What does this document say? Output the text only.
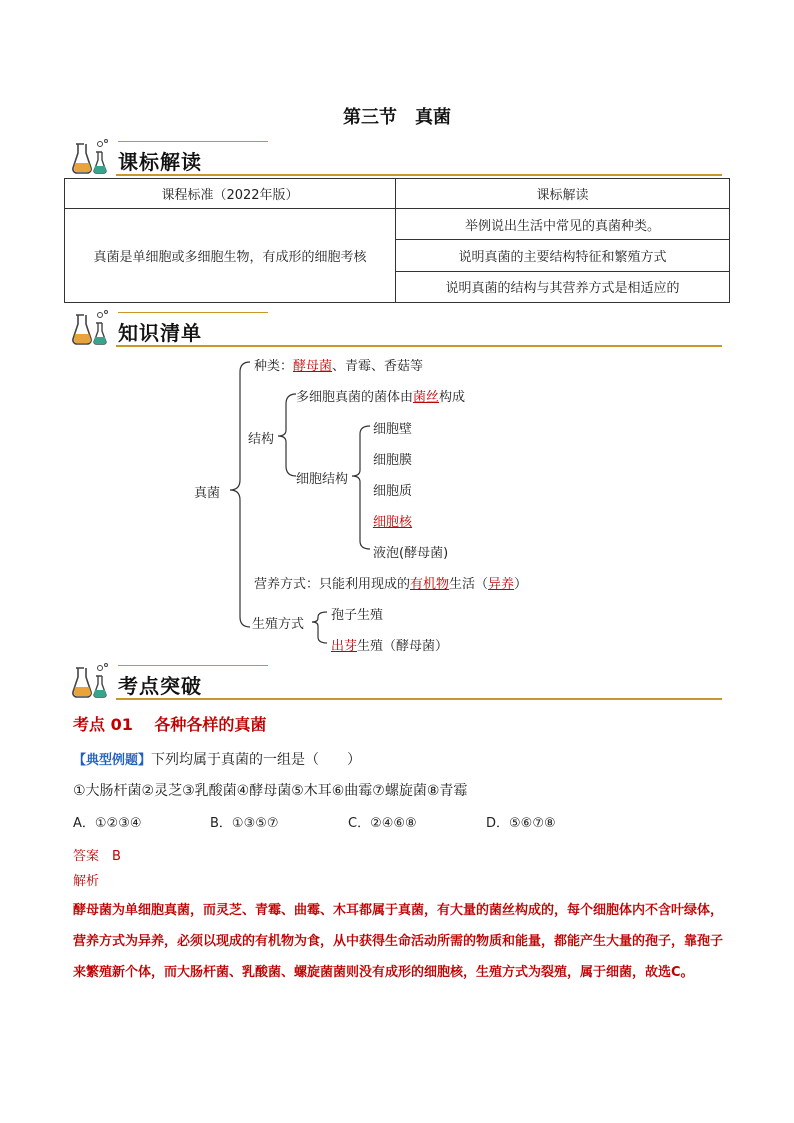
第三节　真菌
课标解读
课程标准（2022年版）	课标解读
真菌是单细胞或多细胞生物，有成形的细胞考核	举例说出生活中常见的真菌种类。
	说明真菌的主要结构特征和繁殖方式
	说明真菌的结构与其营养方式是相适应的
知识清单
真菌
种类：酵母菌、青霉、香菇等
结构
多细胞真菌的菌体由菌丝构成
细胞结构
细胞壁
细胞膜
细胞质
细胞核
液泡(酵母菌)
营养方式：只能利用现成的有机物生活（异养）
生殖方式
孢子生殖
出芽生殖（酵母菌）
考点突破
考点 01　 各种各样的真菌
【典型例题】下列均属于真菌的一组是（　　）
①大肠杆菌②灵芝③乳酸菌④酵母菌⑤木耳⑥曲霉⑦螺旋菌⑧青霉
A．①②③④	B．①③⑤⑦	C．②④⑥⑧	D．⑤⑥⑦⑧
答案　B
解析
酵母菌为单细胞真菌，而灵芝、青霉、曲霉、木耳都属于真菌，有大量的菌丝构成的，每个细胞体内不含叶绿体，营养方式为异养，必须以现成的有机物为食，从中获得生命活动所需的物质和能量，都能产生大量的孢子，靠孢子来繁殖新个体，而大肠杆菌、乳酸菌、螺旋菌菌则没有成形的细胞核，生殖方式为裂殖，属于细菌，故选C。
